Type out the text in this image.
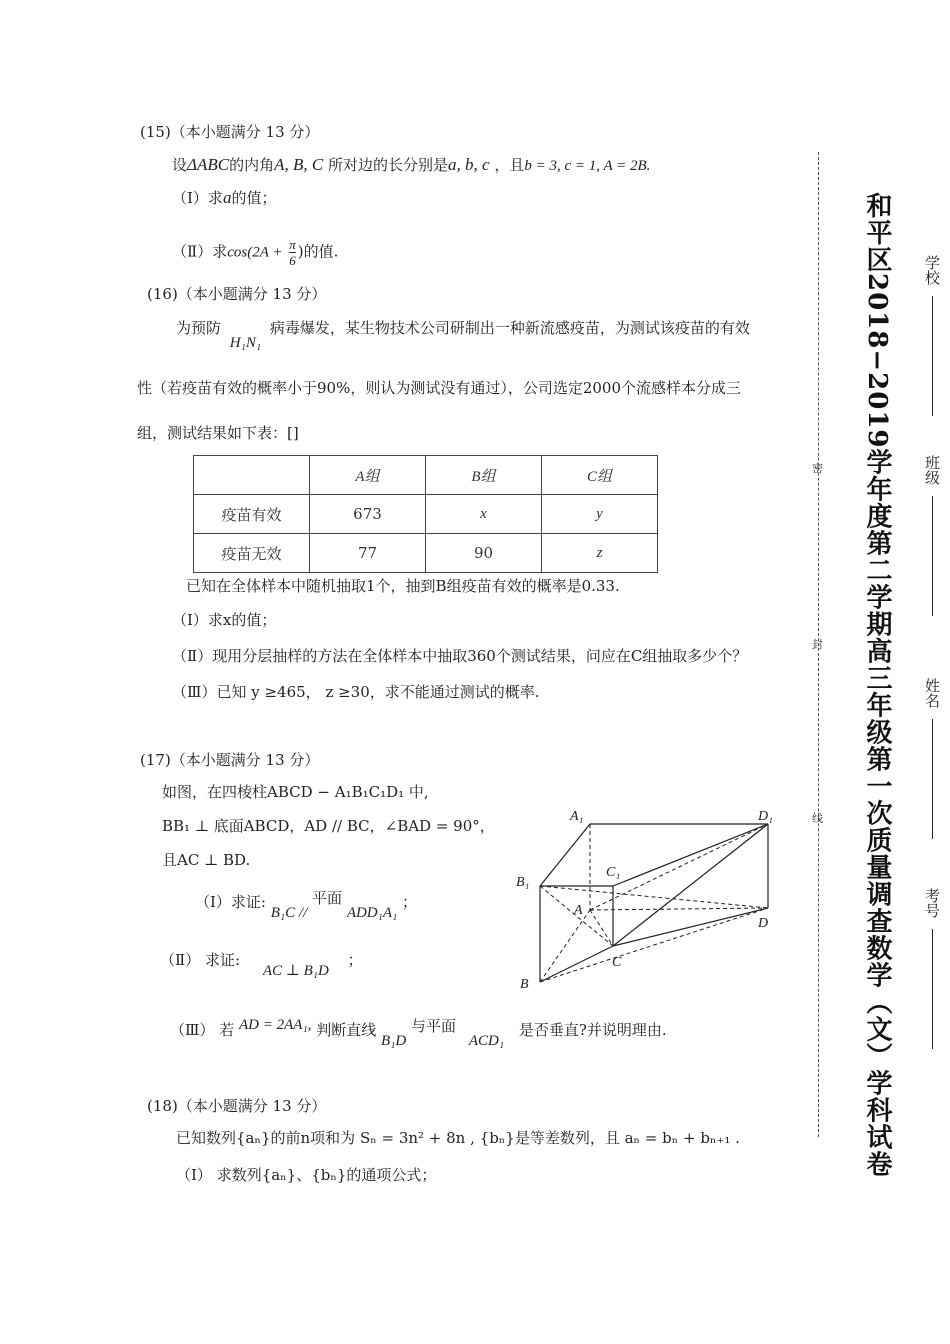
(15)（本小题满分 13 分）
设ΔABC的内角A, B, C 所对边的长分别是a, b, c ，且b = 3, c = 1, A = 2B.
（Ⅰ）求a的值；
（Ⅱ）求$\cos(2A + \frac{\pi}{6}$ )的值.
(16)（本小题满分 13 分）
为预防 H₁N₁ 病毒爆发，某生物技术公司研制出一种新流感疫苗，为测试该疫苗的有效
性（若疫苗有效的概率小于90%，则认为测试没有通过），公司选定2000个流感样本分成三
组，测试结果如下表：[]
	A组	B组	C组
疫苗有效	673	x	y
疫苗无效	77	90	z
已知在全体样本中随机抽取1个，抽到B组疫苗有效的概率是0.33.
（Ⅰ）求x的值；
（Ⅱ）现用分层抽样的方法在全体样本中抽取360个测试结果，问应在C组抽取多少个？
（Ⅲ）已知 y ≥465， z ≥30，求不能通过测试的概率.
(17)（本小题满分 13 分）
如图，在四棱柱ABCD − A₁B₁C₁D₁ 中,
BB₁ ⊥ 底面ABCD，AD // BC，∠BAD = 90°，
且AC ⊥ BD.
（Ⅰ）求证: B₁C // 平面 ADD₁A₁ ；
（Ⅱ） 求证: AC ⊥ B₁D ；
（Ⅲ） 若 AD = 2AA₁, 判断直线 B₁D 与平面 ACD₁ 是否垂直?并说明理由.
A₁	D₁
C₁
B₁
A
D
B
C
(18)（本小题满分 13 分）
已知数列{aₙ}的前n项和为 Sₙ = 3n² + 8n , {bₙ}是等差数列，且 aₙ = bₙ + bₙ₊₁ .
（Ⅰ） 求数列{aₙ}、{bₙ}的通项公式；
密
封
线 和平区2018−2019学年度第二学期高三年级第一次质量调查数学（文）学科试卷 学校
班级
姓名
考号
